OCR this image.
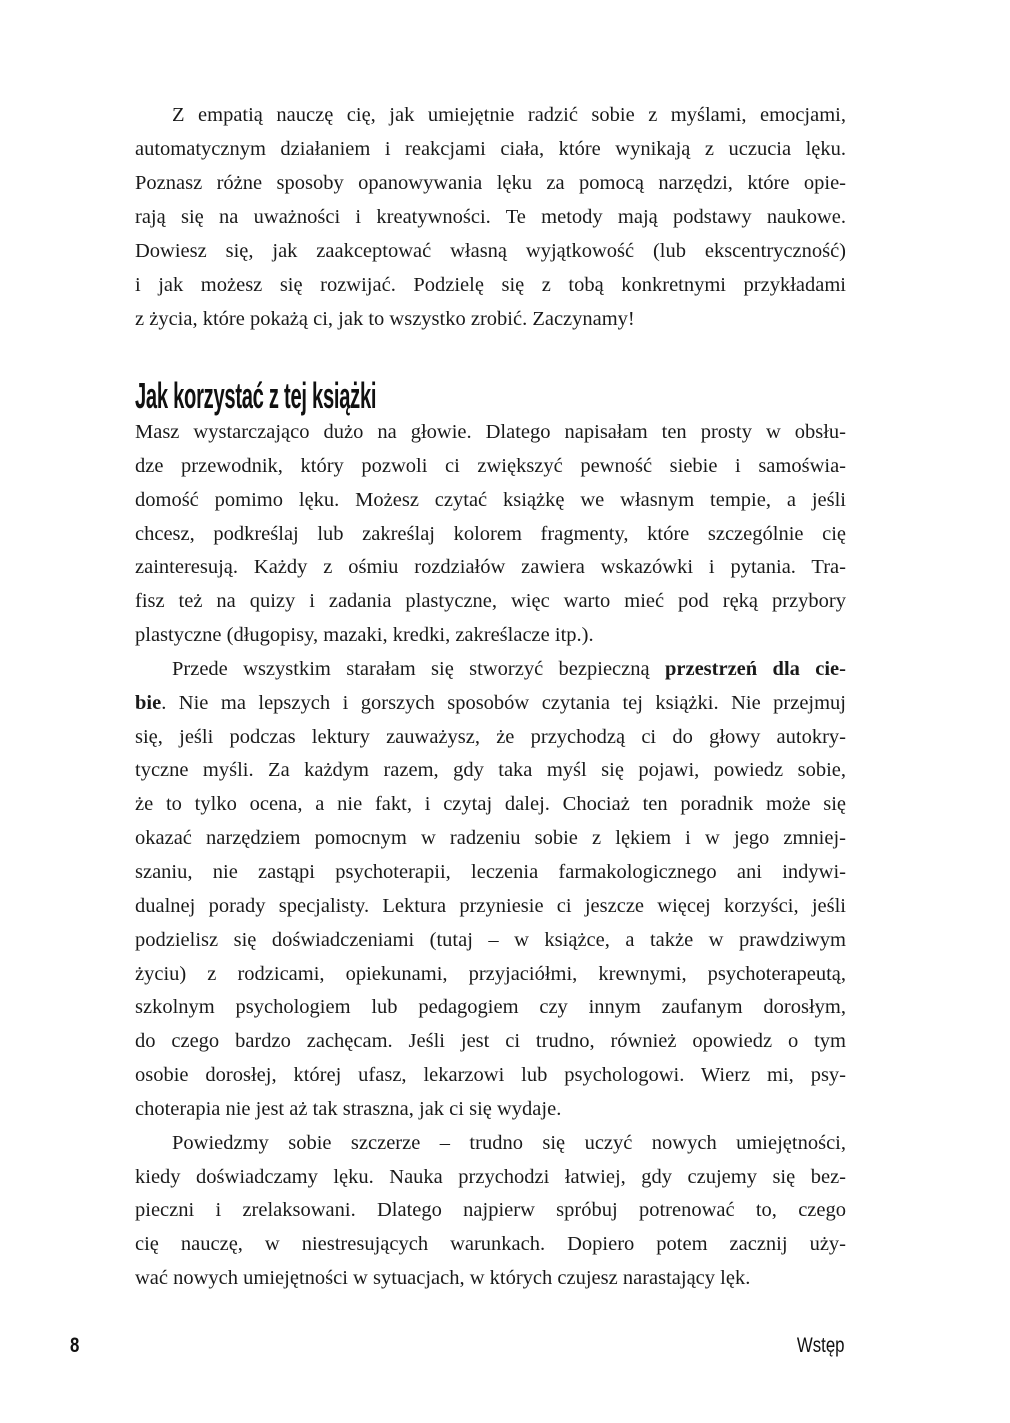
Z empatią nauczę cię, jak umiejętnie radzić sobie z myślami, emocjami,
automatycznym działaniem i reakcjami ciała, które wynikają z uczucia lęku.
Poznasz różne sposoby opanowywania lęku za pomocą narzędzi, które opie-
rają się na uważności i kreatywności. Te metody mają podstawy naukowe.
Dowiesz się, jak zaakceptować własną wyjątkowość (lub ekscentryczność)
i jak możesz się rozwijać. Podzielę się z tobą konkretnymi przykładami
z życia, które pokażą ci, jak to wszystko zrobić. Zaczynamy!
Jak korzystać z tej książki
Masz wystarczająco dużo na głowie. Dlatego napisałam ten prosty w obsłu-
dze przewodnik, który pozwoli ci zwiększyć pewność siebie i samoświa-
domość pomimo lęku. Możesz czytać książkę we własnym tempie, a jeśli
chcesz, podkreślaj lub zakreślaj kolorem fragmenty, które szczególnie cię
zainteresują. Każdy z ośmiu rozdziałów zawiera wskazówki i pytania. Tra-
fisz też na quizy i zadania plastyczne, więc warto mieć pod ręką przybory
plastyczne (długopisy, mazaki, kredki, zakreślacze itp.).
Przede wszystkim starałam się stworzyć bezpieczną przestrzeń dla cie-
bie. Nie ma lepszych i gorszych sposobów czytania tej książki. Nie przejmuj
się, jeśli podczas lektury zauważysz, że przychodzą ci do głowy autokry-
tyczne myśli. Za każdym razem, gdy taka myśl się pojawi, powiedz sobie,
że to tylko ocena, a nie fakt, i czytaj dalej. Chociaż ten poradnik może się
okazać narzędziem pomocnym w radzeniu sobie z lękiem i w jego zmniej-
szaniu, nie zastąpi psychoterapii, leczenia farmakologicznego ani indywi-
dualnej porady specjalisty. Lektura przyniesie ci jeszcze więcej korzyści, jeśli
podzielisz się doświadczeniami (tutaj – w książce, a także w prawdziwym
życiu) z rodzicami, opiekunami, przyjaciółmi, krewnymi, psychoterapeutą,
szkolnym psychologiem lub pedagogiem czy innym zaufanym dorosłym,
do czego bardzo zachęcam. Jeśli jest ci trudno, również opowiedz o tym
osobie dorosłej, której ufasz, lekarzowi lub psychologowi. Wierz mi, psy-
choterapia nie jest aż tak straszna, jak ci się wydaje.
Powiedzmy sobie szczerze – trudno się uczyć nowych umiejętności,
kiedy doświadczamy lęku. Nauka przychodzi łatwiej, gdy czujemy się bez-
pieczni i zrelaksowani. Dlatego najpierw spróbuj potrenować to, czego
cię nauczę, w niestresujących warunkach. Dopiero potem zacznij uży-
wać nowych umiejętności w sytuacjach, w których czujesz narastający lęk.
8	Wstęp
